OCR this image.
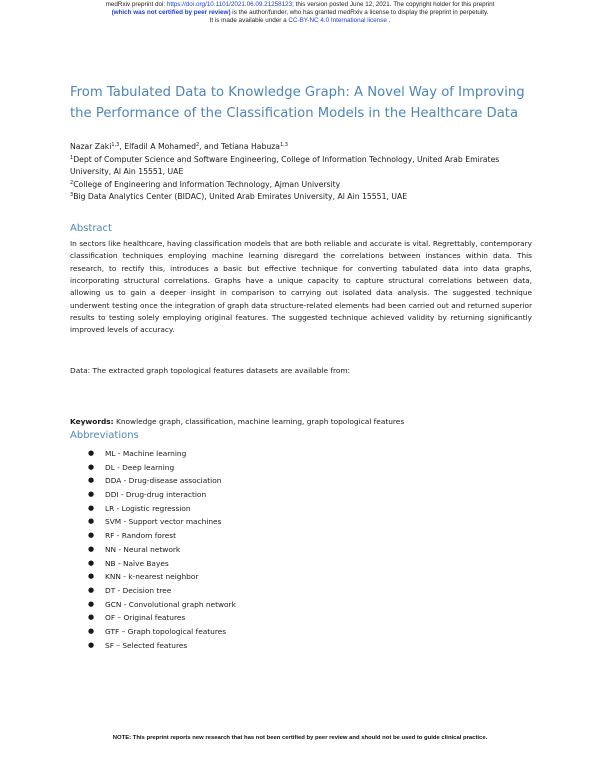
medRxiv preprint doi: https://doi.org/10.1101/2021.06.09.21258123; this version posted June 12, 2021. The copyright holder for this preprint
(which was not certified by peer review) is the author/funder, who has granted medRxiv a license to display the preprint in perpetuity.
It is made available under a CC-BY-NC 4.0 International license .
From Tabulated Data to Knowledge Graph: A Novel Way of Improving the Performance of the Classification Models in the Healthcare Data

Nazar Zaki$^{1,3}$, Elfadil A Mohamed$^2$, and Tetiana Habuza$^{1,3}$

$^1$Dept of Computer Science and Software Engineering, College of Information Technology, United Arab Emirates University, Al Ain 15551, UAE

$^2$College of Engineering and Information Technology, Ajman University

$^3$Big Data Analytics Center (BIDAC), United Arab Emirates University, Al Ain 15551, UAE

Abstract

In sectors like healthcare, having classification models that are both reliable and accurate is vital. Regrettably, contemporary classification techniques employing machine learning disregard the correlations between instances within data. This research, to rectify this, introduces a basic but effective technique for converting tabulated data into data graphs, incorporating structural correlations. Graphs have a unique capacity to capture structural correlations between data, allowing us to gain a deeper insight in comparison to carrying out isolated data analysis. The suggested technique underwent testing once the integration of graph data structure-related elements had been carried out and returned superior results to testing solely employing original features. The suggested technique achieved validity by returning significantly improved levels of accuracy.

Data: The extracted graph topological features datasets are available from:

Keywords: Knowledge graph, classification, machine learning, graph topological features

Abbreviations
● ML - Machine learning
● DL - Deep learning
● DDA - Drug-disease association
● DDI - Drug-drug interaction
● LR - Logistic regression
● SVM - Support vector machines
● RF - Random forest
● NN - Neural network
● NB - Naïve Bayes
● KNN - k-nearest neighbor
● DT - Decision tree
● GCN - Convolutional graph network
● OF – Original features
● GTF – Graph topological features
● SF – Selected features
NOTE: This preprint reports new research that has not been certified by peer review and should not be used to guide clinical practice.
